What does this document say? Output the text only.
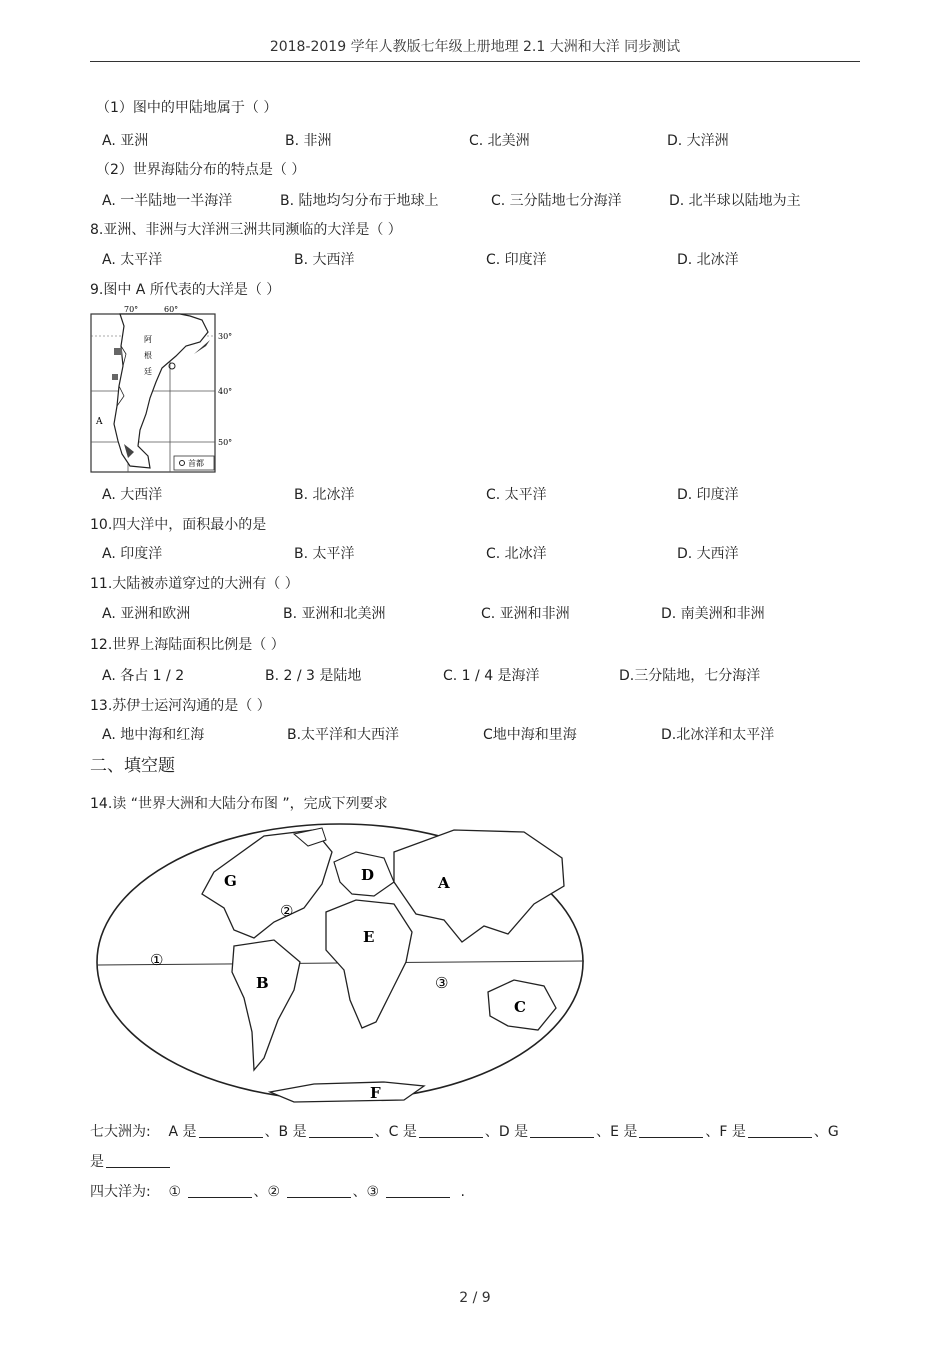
2018-2019 学年人教版七年级上册地理 2.1 大洲和大洋 同步测试
（1）图中的甲陆地属于（ ）
A. 亚洲	B. 非洲	C. 北美洲	D. 大洋洲
（2）世界海陆分布的特点是（ ）
A. 一半陆地一半海洋	B. 陆地均匀分布于地球上	C. 三分陆地七分海洋	D. 北半球以陆地为主
8.亚洲、非洲与大洋洲三洲共同濒临的大洋是（ ）
A. 太平洋	B. 大西洋	C. 印度洋	D. 北冰洋
9.图中 A 所代表的大洋是（ ）
70°	60°
30°
40°
50°
A
阿
根
廷
首都
A. 大西洋	B. 北冰洋	C. 太平洋	D. 印度洋
10.四大洋中，面积最小的是
A. 印度洋	B. 太平洋	C. 北冰洋	D. 大西洋
11.大陆被赤道穿过的大洲有（ ）
A. 亚洲和欧洲	B. 亚洲和北美洲	C. 亚洲和非洲	D. 南美洲和非洲
12.世界上海陆面积比例是（ ）
A. 各占 1 / 2	B. 2 / 3 是陆地	C. 1 / 4 是海洋	D.三分陆地，七分海洋
13.苏伊士运河沟通的是（ ）
A. 地中海和红海	B.太平洋和大西洋	C地中海和里海	D.北冰洋和太平洋
二、填空题
14.读 “世界大洲和大陆分布图 ”，完成下列要求
G
②
①
B
D	A
E
③
C
F
七大洲为: A 是	、B 是	、C 是	、D 是	、E 是	、F 是	、G
是
四大洋为: ①	、②	、③	.
2 / 9
